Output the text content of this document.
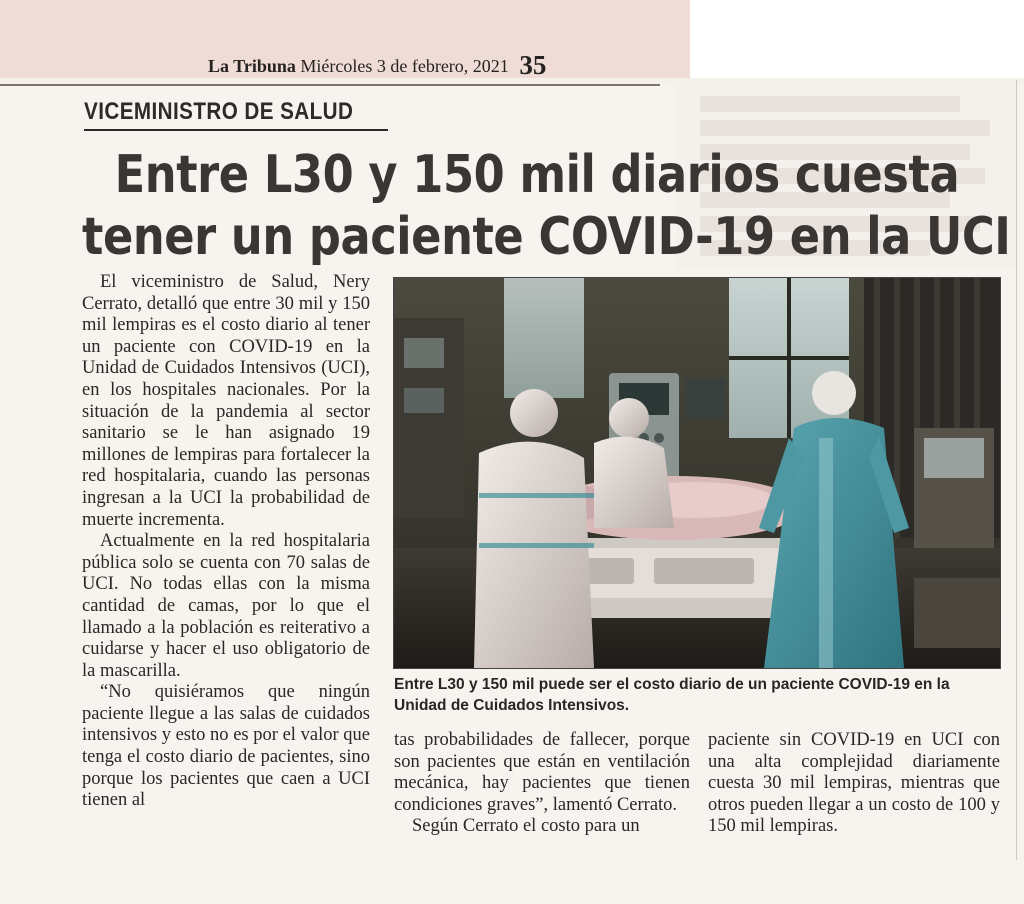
La Tribuna Miércoles 3 de febrero, 2021 35
VICEMINISTRO DE SALUD
Entre L30 y 150 mil diarios cuesta
tener un paciente COVID-19 en la UCI

El viceministro de Salud, Nery Cerrato, detalló que entre 30 mil y 150 mil lempiras es el costo diario al tener un paciente con COVID-19 en la Unidad de Cuidados Intensivos (UCI), en los hospitales nacionales. Por la situación de la pandemia al sector sanitario se le han asignado 19 millones de lempiras para fortalecer la red hospitalaria, cuando las personas ingresan a la UCI la probabilidad de muerte incrementa.

Actualmente en la red hospitalaria pública solo se cuenta con 70 salas de UCI. No todas ellas con la misma cantidad de camas, por lo que el llamado a la población es reiterativo a cuidarse y hacer el uso obligatorio de la mascarilla.

“No quisiéramos que ningún paciente llegue a las salas de cuidados intensivos y esto no es por el valor que tenga el costo diario de pacientes, sino porque los pacientes que caen a UCI tienen al

Entre L30 y 150 mil puede ser el costo diario de un paciente COVID-19 en la Unidad de Cuidados Intensivos.

tas probabilidades de fallecer, porque son pacientes que están en ventilación mecánica, hay pacientes que tienen condiciones graves”, lamentó Cerrato.

Según Cerrato el costo para un

paciente sin COVID-19 en UCI con una alta complejidad diariamente cuesta 30 mil lempiras, mientras que otros pueden llegar a un costo de 100 y 150 mil lempiras.
